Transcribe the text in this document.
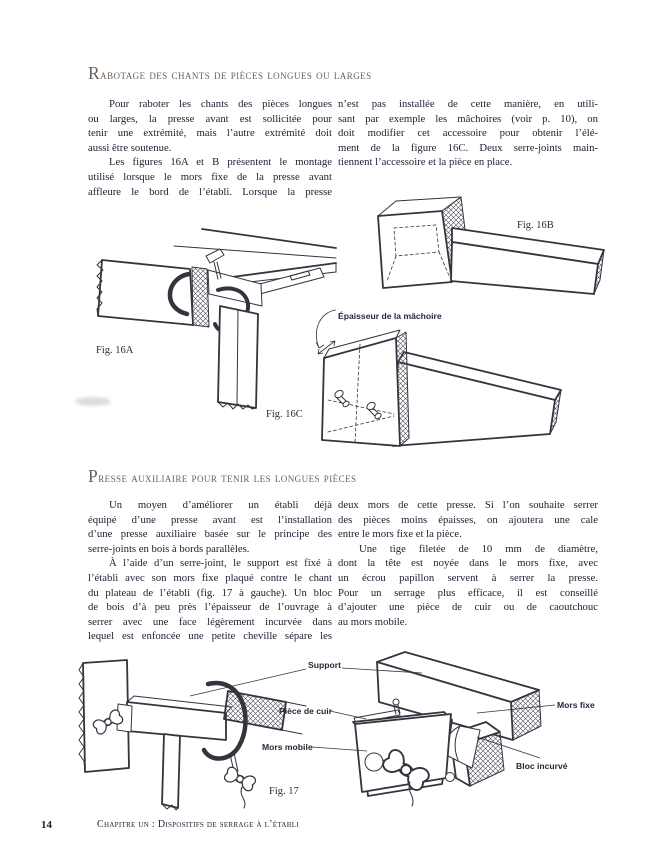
Rabotage des chants de pièces longues ou larges
Pour raboter les chants des pièces longues
ou larges, la presse avant est sollicitée pour
tenir une extrémité, mais l’autre extrémité doit
aussi être soutenue.
Les figures 16A et B présentent le montage
utilisé lorsque le mors fixe de la presse avant
affleure le bord de l’établi. Lorsque la presse
n’est pas installée de cette manière, en utili-
sant par exemple les mâchoires (voir p. 10), on
doit modifier cet accessoire pour obtenir l’élé-
ment de la figure 16C. Deux serre-joints main-
tiennent l’accessoire et la pièce en place.
Fig. 16A
Fig. 16B
Épaisseur de la mâchoire
Fig. 16C
Presse auxiliaire pour tenir les longues pièces
Un moyen d’améliorer un établi déjà
équipé d’une presse avant est l’installation
d’une presse auxiliaire basée sur le principe des
serre-joints en bois à bords parallèles.
À l’aide d’un serre-joint, le support est fixé à
l’établi avec son mors fixe plaqué contre le chant
du plateau de l’établi (fig. 17 à gauche). Un bloc
de bois d’à peu près l’épaisseur de l’ouvrage à
serrer avec une face légèrement incurvée dans
lequel est enfoncée une petite cheville sépare les
deux mors de cette presse. Si l’on souhaite serrer
des pièces moins épaisses, on ajoutera une cale
entre le mors fixe et la pièce.
Une tige filetée de 10 mm de diamètre,
dont la tête est noyée dans le mors fixe, avec
un écrou papillon servent à serrer la presse.
Pour un serrage plus efficace, il est conseillé
d’ajouter une pièce de cuir ou de caoutchouc
au mors mobile.
Support
Pièce de cuir
Mors mobile
Mors fixe
Bloc incurvé
Fig. 17
14	Chapitre un : Dispositifs de serrage à l’établi
